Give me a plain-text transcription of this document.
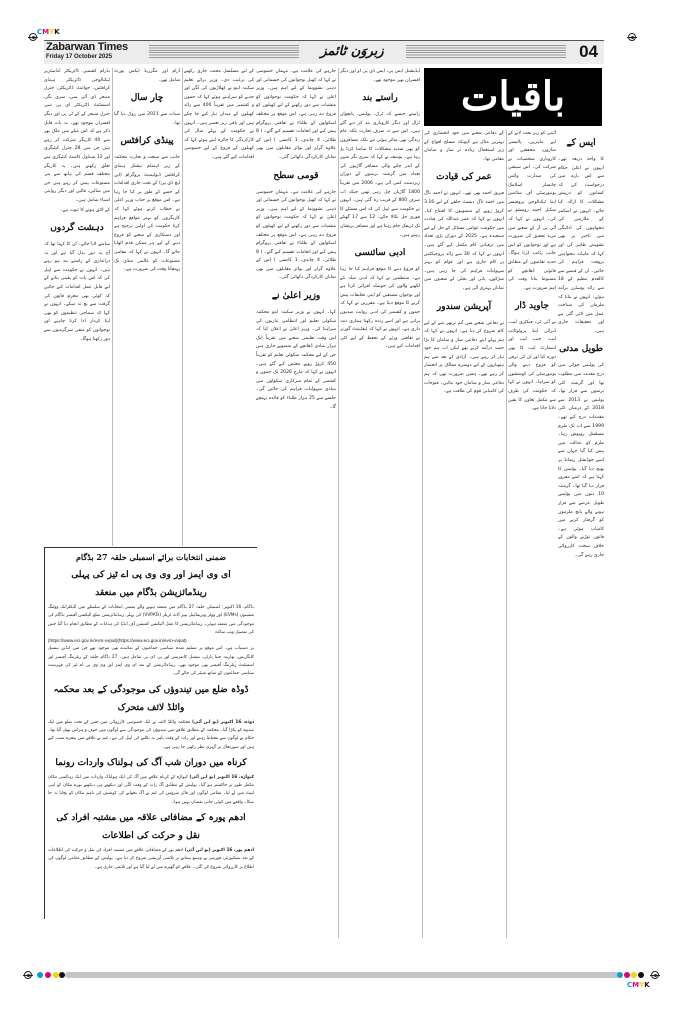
CMYK
Zabarwan Times
Friday 17 October 2025	زبروَن ٹائمز	04

بڈرام کشمیر، ڈائریکٹر انڈسٹریز ٹیکنالوجی ڈائریکٹر ہینڈی کرافٹس، جوائنٹ ڈائریکٹر، جنرل منیجر ڈی آئی سی، سری نگر، اسسٹنٹ ڈائریکٹر ای پی سی جنرل منیجر کے کے ٹی پی اور دیگر افسران موجود تھے۔ یہ بات قابل ذکر ہے کہ اس میلے میں ملک بھر سے 40 کاریگر شرکت کر رہے ہیں جن میں 28 جنرل کیٹیگری اور 12 شیڈول کاسٹ کیٹیگری سے تعلق رکھتے ہیں۔ یہ کاریگر مختلف قسم کی ہاتھ سے بنی مصنوعات پیش کر رہے ہیں جن میں شالیں، قالین اور دیگر روایتی اشیاء شامل ہیں۔

کے لائق ہونے کا ثبوت ہے۔

دہشت گردوں

سامنے لایا جائے۔ ان کا کہنا تھا کہ آج یہ دور بدل گیا ہے اور یہ دراندازی کے راستے بند ہو رہے ہیں۔ انہوں نے حکومت سے اپیل کی کہ اس بات کو یقینی بنانے کے لیے قابل عمل اقدامات کیے جائیں کہ کوئی بھی مجرم قانون کی گرفت سے بچ نہ سکے۔ انہوں نے کہا کہ سماجی تنظیموں کو بھی اپنا کردار ادا کرنا چاہیے اور نوجوانوں کو منفی سرگرمیوں سے دور رکھنا ہوگا۔

آرام اور مگرریڈ ایکس پورٹ شامل تھے۔

چار سال

سبات سے 2021 میں روک دیا گیا تھا۔

پینڈی کرافٹس

جانب سے صنعت و تجارت محکمہ کے زیر اہتمام نیشنل ہینڈی کرافٹس ڈیولپمنٹ پروگرام (این ایچ ڈی پی) کے تحت جاری اقدامات کے حصے کے طور پر کیا جا رہا ہے۔ اس موقع پر جناب وزیر اعلیٰ نے خطاب کرتے ہوئے کہا کہ کاریگروں کو بہتر مواقع فراہم کرنا حکومت کی اولین ترجیح ہے اور دستکاری کے شعبے کو فروغ دینے کے لیے ہر ممکن قدم اٹھایا جائے گا۔ انہوں نے کہا کہ مقامی مصنوعات کو عالمی منڈی تک پہنچانا وقت کی ضرورت ہے۔

کے لیے مسلسل محنت جاری رکھنے کی ترغیب دی۔ وزیر برائے تعلیم سکینہ ایتو نے کھلاڑیوں کی لگن اور جذبے کو سراہتے ہوئے کہا کہ جموں و کشمیر میں تقریباً 400 سے زائد کھیلوں کے میدان تیار کیے جا چکے ہیں اور باقی زیر تعمیر ہیں۔ انہوں نے حکومت کے پہلے سال کی کارکردگی کا جائزہ لیتے ہوئے کہا کہ کھیلوں کے فروغ کے لیے خصوصی اقدامات کیے گئے ہیں۔

جارہے کی علامت ہے۔ مہمان خصوصی نے کہا کہ کھیل نوجوانوں کی جسمانی اور ذہنی نشوونما کے لیے اہم ہیں۔ وزیر اعلیٰ نے کہا کہ حکومت نوجوانوں کو منشیات سے دور رکھنے کے لیے کھیلوں کو فروغ دے رہی ہے۔ اس موقع پر مختلف اسکولوں کے طلباء نے ثقافتی پروگرام پیش کیے اور انعامات تقسیم کیے گئے۔ ( 8 طلائی، 4 چاندی، 1 کانسی ) اس کے علاوہ گرلز اور بوائز مقابلوں میں بھی نمایاں کارکردگی دکھائی گئی۔

قومی سطح

جارہے کی علامت ہے۔ مہمان خصوصی نے کہا کہ کھیل نوجوانوں کی جسمانی اور ذہنی نشوونما کے لیے اہم ہیں۔ وزیر اعلیٰ نے کہا کہ حکومت نوجوانوں کو منشیات سے دور رکھنے کے لیے کھیلوں کو فروغ دے رہی ہے۔ اس موقع پر مختلف اسکولوں کے طلباء نے ثقافتی پروگرام پیش کیے اور انعامات تقسیم کیے گئے۔ ( 8 طلائی، 4 چاندی، 1 کانسی ) اس کے علاوہ گرلز اور بوائز مقابلوں میں بھی نمایاں کارکردگی دکھائی گئی۔

وزیر اعلیٰ نے

کہا۔ انہوں نے وزیر سکینہ ایتو محکمہ سکولی تعلیم اور انتظامی تیاریوں کی سراہنا کی۔ وزیر اعلیٰ نے اعلان کیا کہ اس وقت تعلیمی شعبے میں تقریباً ایک ہزار بنیادی ڈھانچے کے منصوبے جاری ہیں جن کے لیے محکمہ سکولی تعلیم کو تقریباً 450 کروڑ روپے مختص کیے گئے ہیں۔ انہوں نے کہا کہ مارچ 2026 تک جموں و کشمیر کے تمام سرکاری سکولوں میں بنیادی سہولیات فراہم کی جائیں گی۔ جلسے سے 25 ہزار طلباء کو فائدہ پہنچے گا۔

ایڈیشنل ایس پی، ایس ڈی پی او اور دیگر افسران بھی موجود تھے۔

راستے بند

راستے جیسے کہ ٹرک، پولیس، پانچواں ٹرال اور دیگر کاروباری بند کر دیے گئے ہیں۔ اس سے نہ صرف تجارت بلکہ عام زندگی بھی متاثر ہوئی ہے بلکہ مسافروں کو بھی شدید مشکلات کا سامنا کرنا پڑ رہا ہے۔ یوسف نے کہا کہ سری نگر شہر کے اندر چلنے والی مسافر گاڑیوں کی تعداد میں گزشتہ برسوں کے دوران زبردست کمی آئی ہے۔ 2006 میں تقریباً 1800 گاڑیاں چل رہی تھیں جبکہ اب صرف 800 کے قریب رہ گئی ہیں۔ انہوں نے حکومت سے اپیل کی کہ اس مسئلے کا فوری حل نکالا جائے۔ 12 سے 17 گھنٹے تک ٹریفک جام رہتا ہے اور مسافر پریشان رہتے ہیں۔

ادبی سائنسی

کو فروغ دینے کا موقع فراہم کیا جا رہا ہے۔ منتظمین نے کہا کہ ادبی میلہ نئے لکھنے والوں کی حوصلہ افزائی کرتا ہے اور نوجوان مصنفین کو اپنی تخلیقات پیش کرنے کا موقع دیتا ہے۔ مقررین نے کہا کہ جموں و کشمیر کی ادبی روایت صدیوں پرانی ہے اور اسے زندہ رکھنا ہماری ذمہ داری ہے۔ انہوں نے کہا کہ لیفٹیننٹ گورنر نے ثقافتی ورثے کے تحفظ کے لیے کئی اقدامات کیے ہیں۔

باقیات

کے دفاعی شعبے میں خود انحصاری کی بہترین مثال ہے کیونکہ مسلح افواج کے زیر استعمال زیادہ تر ساز و سامان مقامی تھا۔

عمر کی قیادت

فیروز احمد بھی تھے۔ انہوں نے احمد ناگ میں احمد ناگ دیسٹ حلقے کے لیے 3.16 کروڑ روپے کے منصوبوں کا افتتاح کیا۔ انہوں نے کہا کہ عمر عبداللہ کی قیادت میں حکومت عوامی مسائل کے حل کے لیے سنجیدہ ہے۔ 2025 کے دوران بڑی تعداد میں ترقیاتی کام مکمل کیے گئے ہیں۔ انہوں نے کہا کہ 30 سے زائد پروجیکٹس پر کام جاری ہے اور عوام کو بہتر سہولیات فراہم کی جا رہی ہیں۔ سڑکوں، پانی اور بجلی کے شعبوں میں نمایاں بہتری آئی ہے۔

آپریشن سندور

نے دفاعی شعبے میں آتم نربھر بننے کے لیے کام شروع کر دیا ہے۔ انہوں نے کہا کہ ہم پہلے اپنے دفاعی ساز و سامان کا بڑا حصہ درآمد کرتے تھے لیکن اب ہم خود تیار کر رہے ہیں۔ آزادی کے بعد سے ہم ہتھیاروں کے لیے دوسرے ممالک پر انحصار کر رہے تھے۔ ہمیں ضرورت تھی کہ ہم دفاعی ساز و سامان خود بنائیں۔ فتوحات کی کامیابی قوم کی طاقت ہے۔

آئینی کو زیر بحث لانے کے لیے ماہرین، پالیسی سازوں، محققین اور کاروباری شخصیات نے شرکت کی۔ اس سیشن کی صدارت وائس چانسلر اسلامک یونیورسٹی آف سائنس اینڈ ٹیکنالوجی پروفیسر شکیل احمد رومشو نے کی۔ انہوں نے کہا کہ آئی پی آر کے شعبے میں مزید تحقیق کی ضرورت ہے اور نوجوانوں کو اس جانب راغب کرنا ہوگا۔ جدید تقاضوں کے مطابق قانونی ڈھانچے کو مضبوط بنانا وقت کی اہم ضرورت ہے۔

جاوید ڈار

نے آئی ٹی، فیکٹری لیب، ڈیزائن اینڈ پروٹوٹائپ لیب، جیب لیب اور اسمارٹ لیب کا بھی دورہ کیا اور ان کی ترقی کو فروغ دینے والی یونیورسٹی کی کوششوں کو سراہا۔ انہوں نے کہا کہ حکومت کی طرف سے مکمل تعاون کا یقین دلایا جاتا ہے۔

ایس کے

کا واحد ذریعہ تھے۔ انہوں نے اعلیٰ حکام سے اس بارے میں درخواست کی کہ کسانوں کو درپیش مشکلات کا ازالہ کیا جائے۔ انہوں نے اسکمز کے ملازمین کی تنخواہوں کی ادائیگی میں تاخیر پر بھی تشویش ظاہر کی اور کہا کہ ماہانہ تنخواہیں بروقت فراہم کی جائیں۔ ان کے قبضے سے کالعدم تنظیم کے 18 سے زائد پوسٹرز برآمد ہوئے۔ انہوں نے بتایا کہ ملزمان کی شناخت عمل میں لائی گئی ہے اور تحقیقات جاری ہیں۔

طویل مدتی

کی پولیس چوکی میں درج مقدمہ میں مطلوب تھا اور گزشتہ کئی برسوں سے فرار تھا۔ پولیس نے 2013 سے 2018 کے درمیان کئی مقدمات درج کیے تھے۔ 1999 سے اب تک ملزم مسلسل روپوش رہا۔ ملزم کو عدالت میں پیش کیا گیا جہاں سے اسے جوڈیشل ریمانڈ پر بھیج دیا گیا۔ پولیس کا کہنا ہے کہ اسے مفرور قرار دیا گیا تھا۔ گزشتہ 10 دنوں میں پولیس طویل عرصے سے فرار ہونے والے پانچ ملزموں کو گرفتار کرنے میں کامیاب ہوئی ہے۔ قانون توڑنے والوں کے خلاف سخت کارروائی جاری رہے گی۔

ضمنی انتخابات برائے اسمبلی حلقہ 27 بڈگام
ای وی ایمز اور وی وی پی اے ٹیز کی پہلی رینڈمائزیشن بڈگام میں منعقد

بڈگام، 16 اکتوبر: اسمبلی حلقہ 27 بڈگام میں منعقد ہونے والے ضمنی انتخابات کے سلسلے میں الیکٹرانک ووٹنگ مشینوں (EVMs) اور ووٹر ویریفائیبل پیپر آڈٹ ٹریلز (VVPATs) کی پہلی رینڈمائزیشن ضلع الیکشن آفیسر بڈگام کی موجودگی میں منعقد ہوئی۔ رینڈمائزیشن کا عمل الیکشن کمیشن آف انڈیا کی ہدایات کے مطابق انجام دیا گیا جس کی تفصیل ویب سائٹ

(https://www.eci.gov.in/evm-vvpat)(https://www.eci.gov.in/evm-vvpat)

پر دستیاب ہے۔ اس موقع پر تسلیم شدہ سیاسی جماعتوں کے نمائندے بھی موجود تھے جن میں انڈین نیشنل کانگریس، بھارتیہ جنتا پارٹی، نیشنل کانفرنس اور پی ڈی پی شامل ہیں۔ 27 بڈگام حلقہ کے ریٹرننگ آفیسر اور اسسٹنٹ ریٹرننگ آفیسر بھی موجود تھے۔ رینڈمائزیشن کے بعد ای وی ایمز اور وی وی پی اے ٹیز کی فہرست سیاسی جماعتوں کے ساتھ شیئر کی جائے گی۔

ڈوڈہ ضلع میں تیندوؤں کی موجودگی کے بعد محکمہ وائلڈ لائف متحرک

ڈوڈہ، 16 اکتوبر (یو این آئی) محکمہ وائلڈ لائف نے ایک خصوصی کارروائی میں جس کے تحت ضلع میں ایک تیندوے کو پکڑا گیا۔ محکمہ کے مطابق علاقے میں تیندوؤں کی موجودگی سے لوگوں میں خوف و ہراس پھیل گیا تھا۔ حکام نے لوگوں سے محتاط رہنے اور رات کے وقت باہر نہ نکلنے کی اپیل کی ہے۔ ٹیم نے علاقے میں پنجرے نصب کیے ہیں اور صورتحال پر گہری نظر رکھی جا رہی ہے۔

کرناہ میں دوران شب آگ کی ہولناک واردات رونما

کپواڑہ، 16 اکتوبر (یو این آئی) کپواڑہ کے کرناہ علاقے میں آگ کی ایک ہولناک واردات میں ایک رہائشی مکان مکمل طور پر خاکستر ہو گیا۔ پولیس کے مطابق آگ رات کے وقت لگی اور دیکھتے ہی دیکھتے پورے مکان کو اپنی لپیٹ میں لے لیا۔ مقامی لوگوں اور فائر سروس کی ٹیم نے آگ بجھانے کی کوشش کی تاہم مکان کو بچایا نہ جا سکا۔ واقعے میں کوئی جانی نقصان نہیں ہوا۔

ادھم پورہ کے مضافاتی علاقہ میں مشتبہ افراد کی نقل و حرکت کی اطلاعات

ادھم پور، 16 اکتوبر (یو این آئی) ادھم پور کے مضافاتی علاقے میں مشتبہ افراد کی نقل و حرکت کی اطلاعات کے بعد سیکیورٹی فورسز نے وسیع پیمانے پر تلاشی آپریشن شروع کر دیا ہے۔ پولیس کے مطابق مقامی لوگوں کی اطلاع پر کارروائی شروع کی گئی۔ علاقے کو گھیرے میں لے لیا گیا ہے اور تلاشی جاری ہے۔

CMYK
